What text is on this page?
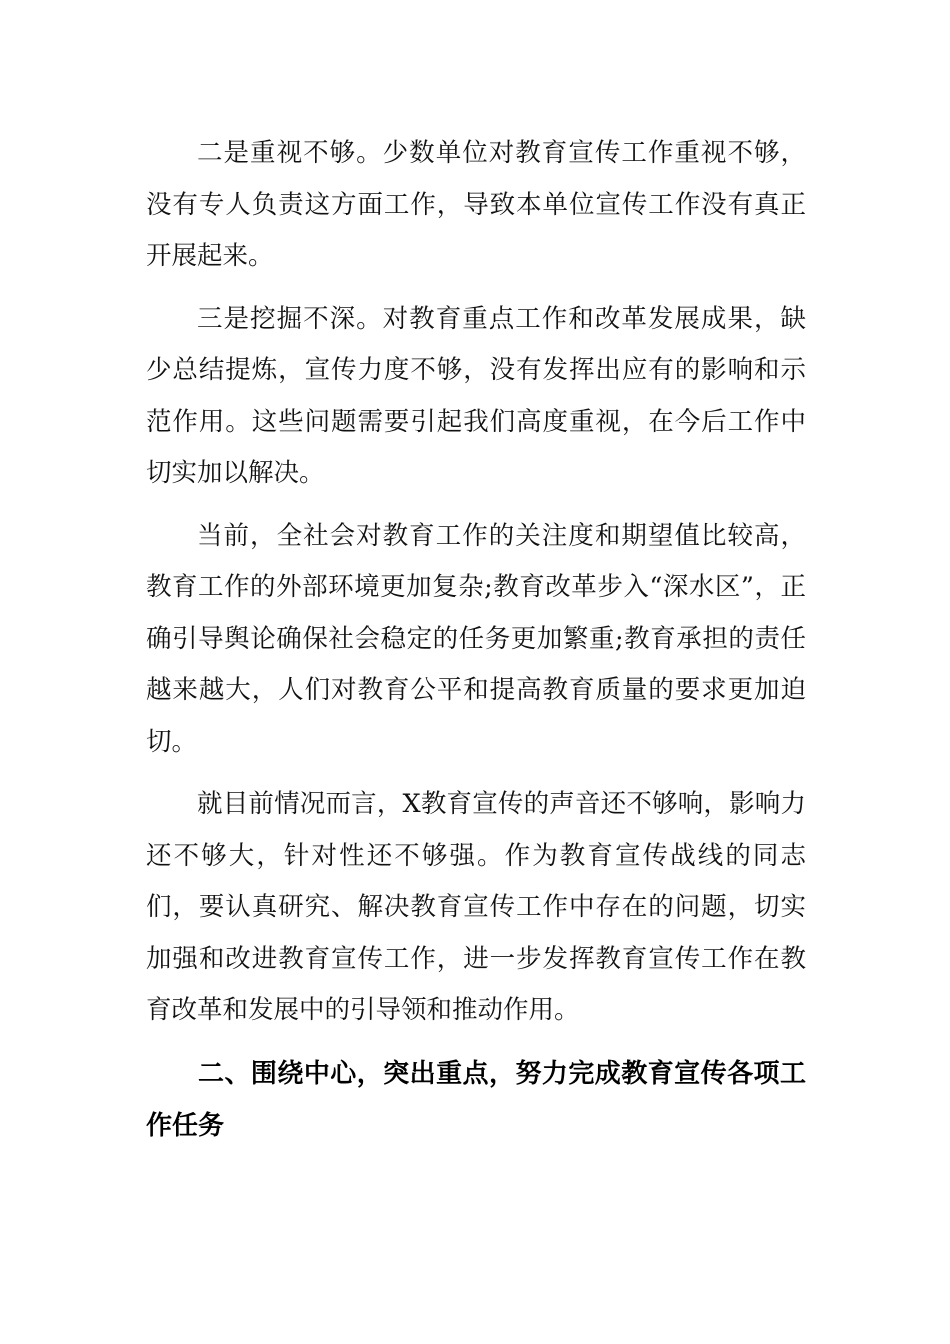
二是重视不够。少数单位对教育宣传工作重视不够，没有专人负责这方面工作，导致本单位宣传工作没有真正开展起来。

三是挖掘不深。对教育重点工作和改革发展成果，缺少总结提炼，宣传力度不够，没有发挥出应有的影响和示范作用。这些问题需要引起我们高度重视，在今后工作中切实加以解决。

当前，全社会对教育工作的关注度和期望值比较高，教育工作的外部环境更加复杂;教育改革步入“深水区”，正确引导舆论确保社会稳定的任务更加繁重;教育承担的责任越来越大，人们对教育公平和提高教育质量的要求更加迫切。

就目前情况而言，X教育宣传的声音还不够响，影响力还不够大，针对性还不够强。作为教育宣传战线的同志们，要认真研究、解决教育宣传工作中存在的问题，切实加强和改进教育宣传工作，进一步发挥教育宣传工作在教育改革和发展中的引导领和推动作用。

二、围绕中心，突出重点，努力完成教育宣传各项工作任务
